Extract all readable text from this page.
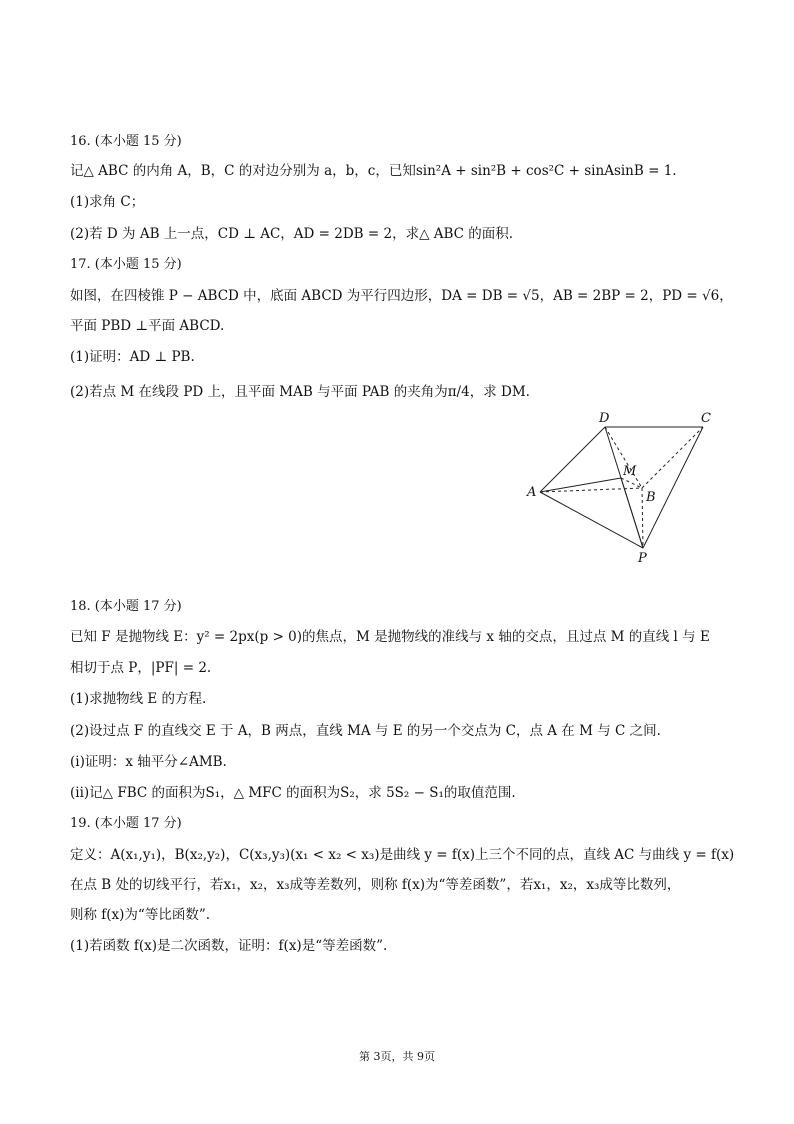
16. (本小题 15 分)
记△ ABC 的内角 A，B，C 的对边分别为 a，b，c，已知sin²A + sin²B + cos²C + sinAsinB = 1.
(1)求角 C；
(2)若 D 为 AB 上一点，CD ⊥ AC，AD = 2DB = 2，求△ ABC 的面积.
17. (本小题 15 分)
如图，在四棱锥 P − ABCD 中，底面 ABCD 为平行四边形，DA = DB = √5，AB = 2BP = 2，PD = √6，
平面 PBD ⊥平面 ABCD.
(1)证明：AD ⊥ PB.
(2)若点 M 在线段 PD 上，且平面 MAB 与平面 PAB 的夹角为π/4，求 DM.
D	C
M
A	B
P
18. (本小题 17 分)
已知 F 是抛物线 E：y² = 2px(p > 0)的焦点，M 是抛物线的准线与 x 轴的交点，且过点 M 的直线 l 与 E
相切于点 P，|PF| = 2.
(1)求抛物线 E 的方程.
(2)设过点 F 的直线交 E 于 A，B 两点，直线 MA 与 E 的另一个交点为 C，点 A 在 M 与 C 之间.
(i)证明：x 轴平分∠AMB.
(ii)记△ FBC 的面积为S₁，△ MFC 的面积为S₂，求 5S₂ − S₁的取值范围.
19. (本小题 17 分)
定义：A(x₁,y₁)，B(x₂,y₂)，C(x₃,y₃)(x₁ < x₂ < x₃)是曲线 y = f(x)上三个不同的点，直线 AC 与曲线 y = f(x)
在点 B 处的切线平行，若x₁，x₂，x₃成等差数列，则称 f(x)为“等差函数”，若x₁，x₂，x₃成等比数列，
则称 f(x)为“等比函数”.
(1)若函数 f(x)是二次函数，证明：f(x)是“等差函数”.
第 3页，共 9页
